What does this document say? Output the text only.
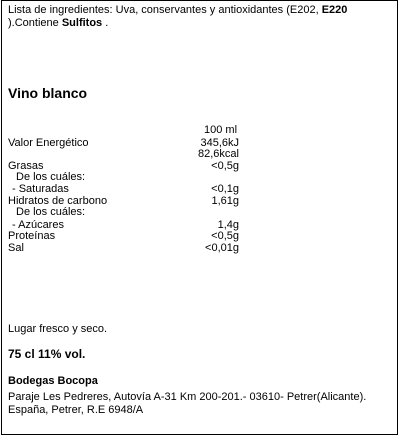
Lista de ingredientes: Uva, conservantes y antioxidantes (E202, E220
).Contiene Sulfitos .
Vino blanco
100 ml
Valor Energético	345,6kJ
82,6kcal
Grasas	<0,5g
De los cuáles:
- Saturadas	<0,1g
Hidratos de carbono	1,61g
De los cuáles:
- Azúcares	1,4g
Proteínas	<0,5g
Sal	<0,01g
Lugar fresco y seco.
75 cl 11% vol.
Bodegas Bocopa
Paraje Les Pedreres, Autovía A-31 Km 200-201.- 03610- Petrer(Alicante).
España, Petrer, R.E 6948/A
